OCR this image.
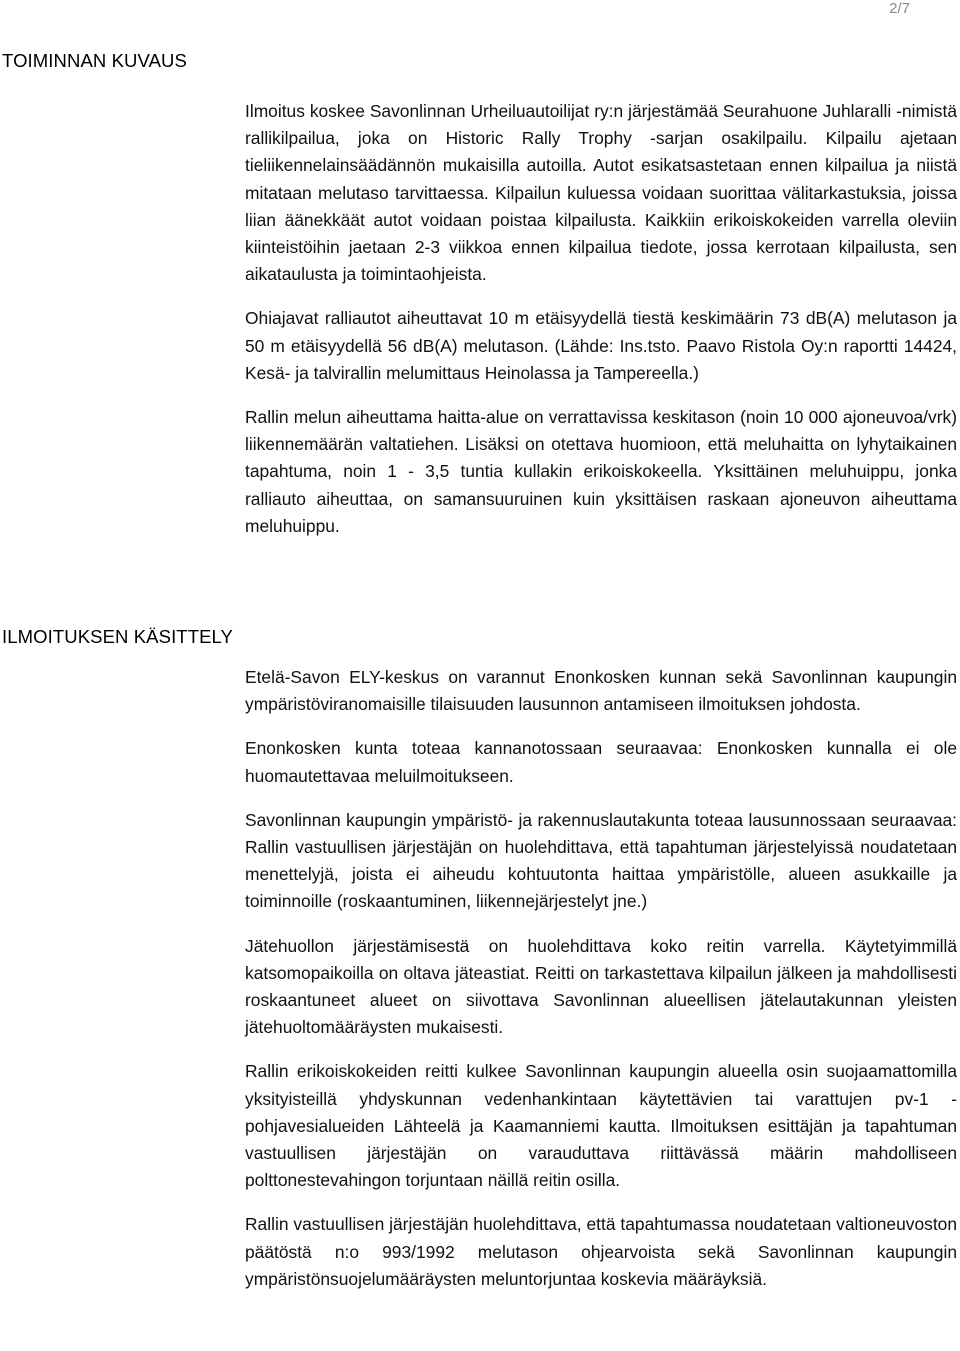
2/7
TOIMINNAN KUVAUS

Ilmoitus koskee Savonlinnan Urheiluautoilijat ry:n järjestämää Seurahuone Juhlaralli -nimistä rallikilpailua, joka on Historic Rally Trophy -sarjan osakilpailu. Kilpailu ajetaan tieliikennelainsäädännön mukaisilla autoilla. Autot esikatsastetaan ennen kilpailua ja niistä mitataan melutaso tarvittaessa. Kilpailun kuluessa voidaan suorittaa välitarkastuksia, joissa liian äänekkäät autot voidaan poistaa kilpailusta. Kaikkiin erikoiskokeiden varrella oleviin kiinteistöihin jaetaan 2-3 viikkoa ennen kilpailua tiedote, jossa kerrotaan kilpailusta, sen aikataulusta ja toimintaohjeista.

Ohiajavat ralliautot aiheuttavat 10 m etäisyydellä tiestä keskimäärin 73 dB(A) melutason ja 50 m etäisyydellä 56 dB(A) melutason. (Lähde: Ins.tsto. Paavo Ristola Oy:n raportti 14424, Kesä- ja talvirallin melumittaus Heinolassa ja Tampereella.)

Rallin melun aiheuttama haitta-alue on verrattavissa keskitason (noin 10 000 ajoneuvoa/vrk) liikennemäärän valtatiehen. Lisäksi on otettava huomioon, että meluhaitta on lyhytaikainen tapahtuma, noin 1 - 3,5 tuntia kullakin erikoiskokeella. Yksittäinen meluhuippu, jonka ralliauto aiheuttaa, on samansuuruinen kuin yksittäisen raskaan ajoneuvon aiheuttama meluhuippu.

ILMOITUKSEN KÄSITTELY

Etelä-Savon ELY-keskus on varannut Enonkosken kunnan sekä Savonlinnan kaupungin ympäristöviranomaisille tilaisuuden lausunnon antamiseen ilmoituksen johdosta.

Enonkosken kunta toteaa kannanotossaan seuraavaa: Enonkosken kunnalla ei ole huomautettavaa meluilmoitukseen.

Savonlinnan kaupungin ympäristö- ja rakennuslautakunta toteaa lausunnossaan seuraavaa: Rallin vastuullisen järjestäjän on huolehdittava, että tapahtuman järjestelyissä noudatetaan menettelyjä, joista ei aiheudu kohtuutonta haittaa ympäristölle, alueen asukkaille ja toiminnoille (roskaantuminen, liikennejärjestelyt jne.)

Jätehuollon järjestämisestä on huolehdittava koko reitin varrella. Käytetyimmillä katsomopaikoilla on oltava jäteastiat. Reitti on tarkastettava kilpailun jälkeen ja mahdollisesti roskaantuneet alueet on siivottava Savonlinnan alueellisen jätelautakunnan yleisten jätehuoltomääräysten mukaisesti.

Rallin erikoiskokeiden reitti kulkee Savonlinnan kaupungin alueella osin suojaamattomilla yksityisteillä yhdyskunnan vedenhankintaan käytettävien tai varattujen pv-1 -pohjavesialueiden Lähteelä ja Kaamanniemi kautta. Ilmoituksen esittäjän ja tapahtuman vastuullisen järjestäjän on varauduttava riittävässä määrin mahdolliseen polttonestevahingon torjuntaan näillä reitin osilla.

Rallin vastuullisen järjestäjän huolehdittava, että tapahtumassa noudatetaan valtioneuvoston päätöstä n:o 993/1992 melutason ohjearvoista sekä Savonlinnan kaupungin ympäristönsuojelumääräysten meluntorjuntaa koskevia määräyksiä.
